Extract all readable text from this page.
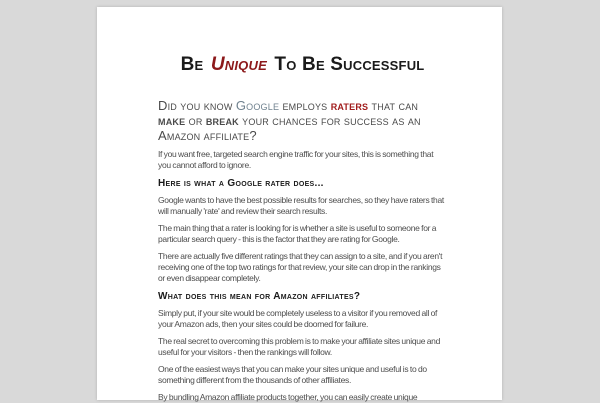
Be Unique To Be Successful

Did you know Google employs raters that can make or break your chances for success as an Amazon affiliate?

If you want free, targeted search engine traffic for your sites, this is something that you cannot afford to ignore.

Here is what a Google rater does...

Google wants to have the best possible results for searches, so they have raters that will manually 'rate' and review their search results.

The main thing that a rater is looking for is whether a site is useful to someone for a particular search query - this is the factor that they are rating for Google.

There are actually five different ratings that they can assign to a site, and if you aren't receiving one of the top two ratings for that review, your site can drop in the rankings or even disappear completely.

What does this mean for Amazon affiliates?

Simply put, if your site would be completely useless to a visitor if you removed all of your Amazon ads, then your sites could be doomed for failure.

The real secret to overcoming this problem is to make your affiliate sites unique and useful for your visitors - then the rankings will follow.

One of the easiest ways that you can make your sites unique and useful is to do something different from the thousands of other affiliates.

By bundling Amazon affiliate products together, you can easily create unique
